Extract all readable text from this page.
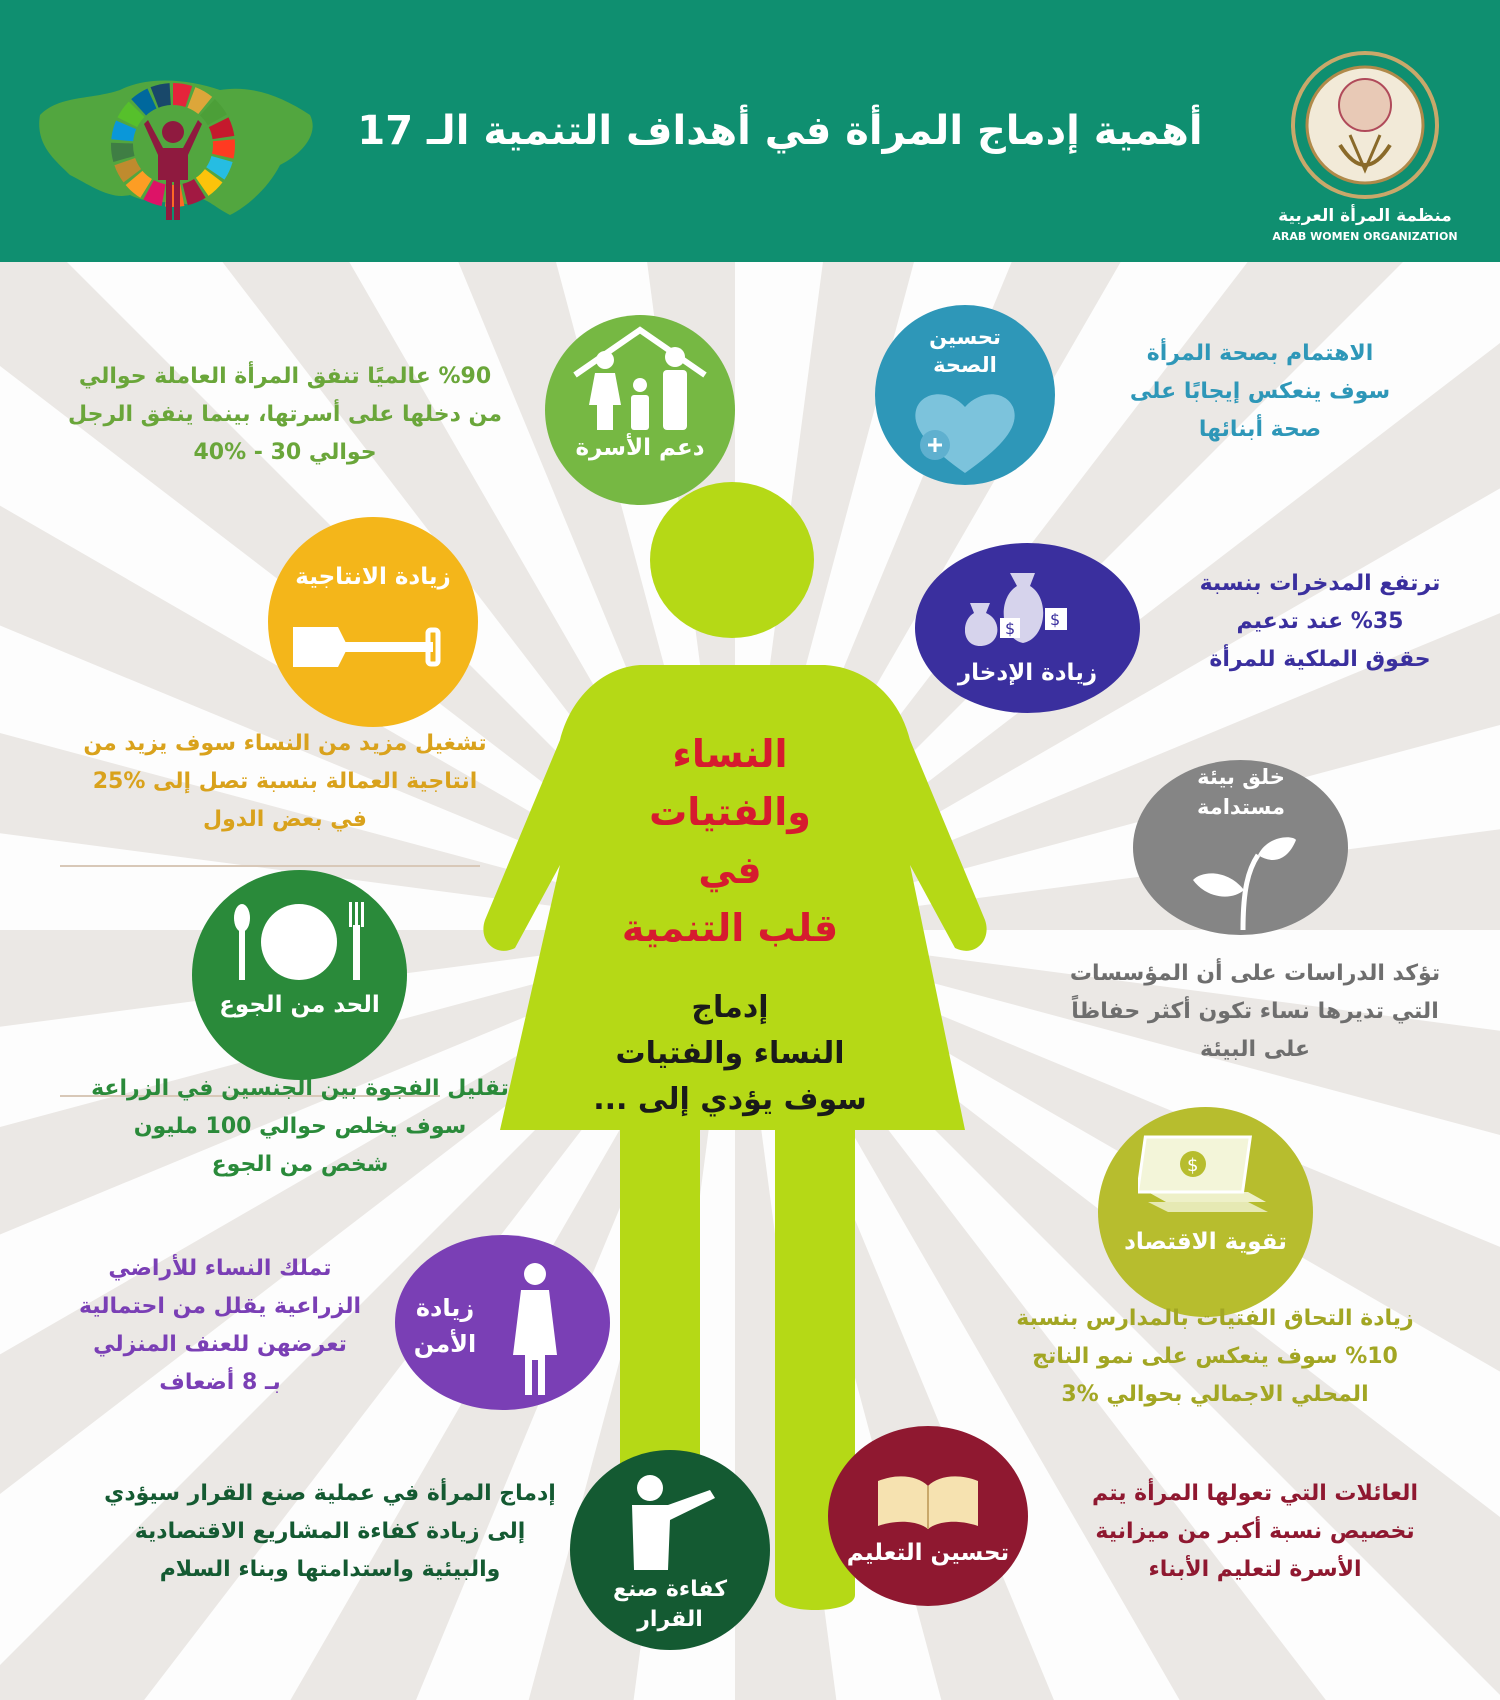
أهمية إدماج المرأة في أهداف التنمية الـ 17
منظمة المرأة العربية
ARAB WOMEN ORGANIZATION
النساء
والفتيات
في
قلب التنمية
إدماج
النساء والفتيات
سوف يؤدي إلى ...
دعم الأسرة
تحسين الصحة
زيادة الانتاجية
$ $
زيادة الإدخار
خلق بيئة مستدامة
الحد من الجوع
$
تقوية الاقتصاد
زيادة الأمن
كفاءة صنع القرار
تحسين التعليم
%90 عالميًا تنفق المرأة العاملة حوالي
من دخلها على أسرتها، بينما ينفق الرجل
حوالي 30 - %40
الاهتمام بصحة المرأة
سوف ينعكس إيجابًا على
صحة أبنائها
ترتفع المدخرات بنسبة
%35 عند تدعيم
حقوق الملكية للمرأة
تشغيل مزيد من النساء سوف يزيد من
انتاجية العمالة بنسبة تصل إلى %25
في بعض الدول
تؤكد الدراسات على أن المؤسسات
التي تديرها نساء تكون أكثر حفاظاً
على البيئة
تقليل الفجوة بين الجنسين في الزراعة
سوف يخلص حوالي 100 مليون
شخص من الجوع
زيادة التحاق الفتيات بالمدارس بنسبة
%10 سوف ينعكس على نمو الناتج
المحلي الاجمالي بحوالي %3
تملك النساء للأراضي
الزراعية يقلل من احتمالية
تعرضهن للعنف المنزلي
بـ 8 أضعاف
إدماج المرأة في عملية صنع القرار سيؤدي
إلى زيادة كفاءة المشاريع الاقتصادية
والبيئية واستدامتها وبناء السلام
العائلات التي تعولها المرأة يتم
تخصيص نسبة أكبر من ميزانية
الأسرة لتعليم الأبناء
